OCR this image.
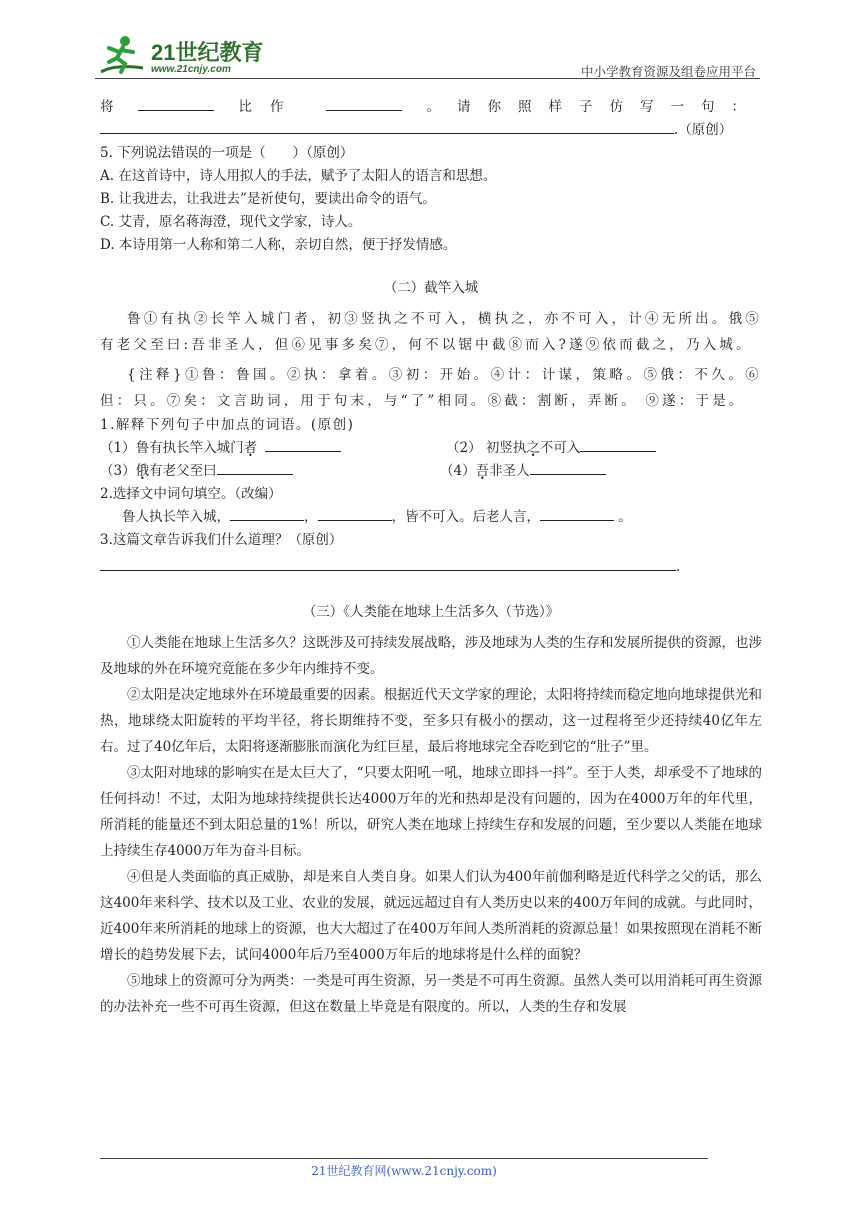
21世纪教育
www.21cnjy.com	中小学教育资源及组卷应用平台
将	比作	。请你照样子仿写一句：
.（原创）
5. 下列说法错误的一项是（　　）（原创）
A. 在这首诗中，诗人用拟人的手法，赋予了太阳人的语言和思想。
B. 让我进去，让我进去”是祈使句，要读出命令的语气。
C. 艾青，原名蒋海澄，现代文学家，诗人。
D. 本诗用第一人称和第二人称，亲切自然，便于抒发情感。
（二）截竿入城
鲁①有执②长竿入城门者，初③竖执之不可入，横执之，亦不可入，计④无所出。俄⑤有老父至曰:吾非圣人，但⑥见事多矣⑦，何不以锯中截⑧而入?遂⑨依而截之，乃入城。
{注释}①鲁：鲁国。②执：拿着。③初：开始。④计：计谋，策略。⑤俄：不久。⑥但：只。⑦矣：文言助词，用于句末，与“了”相同。⑧截：割断，弄断。 ⑨遂：于是。
1.解释下列句子中加点的词语。(原创)
（1）鲁有执长竿入城门者	（2） 初竖执之不可入
（3）俄有老父至曰	（4）吾非圣人
2.选择文中词句填空。（改编）
鲁人执长竿入城，	，	，皆不可入。后老人言，	。
3.这篇文章告诉我们什么道理？（原创）
.
（三）《人类能在地球上生活多久（节选）》
①人类能在地球上生活多久？这既涉及可持续发展战略，涉及地球为人类的生存和发展所提供的资源，也涉及地球的外在环境究竟能在多少年内维持不变。
②太阳是决定地球外在环境最重要的因素。根据近代天文学家的理论，太阳将持续而稳定地向地球提供光和热，地球绕太阳旋转的平均半径，将长期维持不变，至多只有极小的摆动，这一过程将至少还持续40亿年左右。过了40亿年后，太阳将逐渐膨胀而演化为红巨星，最后将地球完全吞吃到它的“肚子”里。
③太阳对地球的影响实在是太巨大了，“只要太阳吼一吼，地球立即抖一抖”。至于人类，却承受不了地球的任何抖动！不过，太阳为地球持续提供长达4000万年的光和热却是没有问题的，因为在4000万年的年代里，所消耗的能量还不到太阳总量的1%！所以，研究人类在地球上持续生存和发展的问题，至少要以人类能在地球上持续生存4000万年为奋斗目标。
④但是人类面临的真正威胁，却是来自人类自身。如果人们认为400年前伽利略是近代科学之父的话，那么这400年来科学、技术以及工业、农业的发展，就远远超过自有人类历史以来的400万年间的成就。与此同时，近400年来所消耗的地球上的资源，也大大超过了在400万年间人类所消耗的资源总量！如果按照现在消耗不断增长的趋势发展下去，试问4000年后乃至4000万年后的地球将是什么样的面貌？
⑤地球上的资源可分为两类：一类是可再生资源，另一类是不可再生资源。虽然人类可以用消耗可再生资源的办法补充一些不可再生资源，但这在数量上毕竟是有限度的。所以，人类的生存和发展
21世纪教育网(www.21cnjy.com)
